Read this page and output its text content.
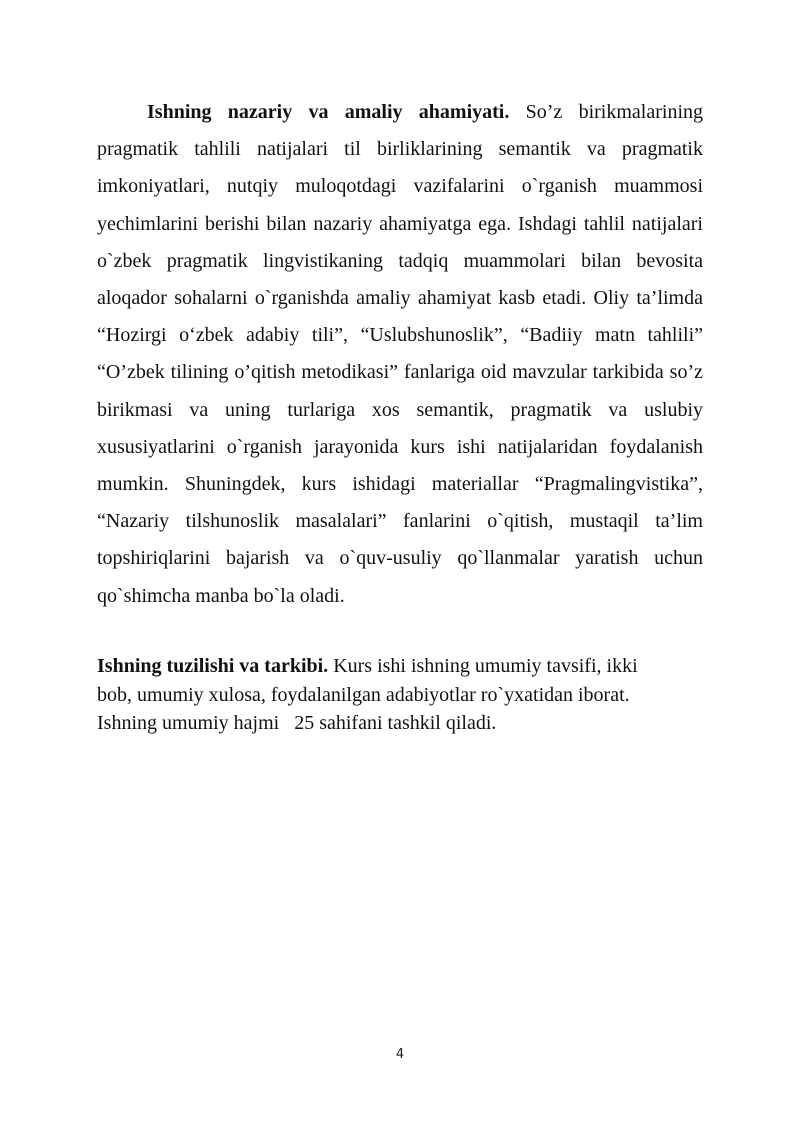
Ishning nazariy va amaliy ahamiyati. So’z birikmalarining pragmatik tahlili natijalari til birliklarining semantik va pragmatik imkoniyatlari, nutqiy muloqotdagi vazifalarini o`rganish muammosi yechimlarini berishi bilan nazariy ahamiyatga ega. Ishdagi tahlil natijalari o`zbek pragmatik lingvistikaning tadqiq muammolari bilan bevosita aloqador sohalarni o`rganishda amaliy ahamiyat kasb etadi. Oliy ta’limda “Hozirgi o‘zbek adabiy tili”, “Uslubshunoslik”, “Badiiy matn tahlili” “O’zbek tilining o’qitish metodikasi” fanlariga oid mavzular tarkibida so’z birikmasi va uning turlariga xos semantik, pragmatik va uslubiy xususiyatlarini o`rganish jarayonida kurs ishi natijalaridan foydalanish mumkin. Shuningdek, kurs ishidagi materiallar “Pragmalingvistika”, “Nazariy tilshunoslik masalalari” fanlarini o`qitish, mustaqil ta’lim topshiriqlarini bajarish va o`quv-usuliy qo`llanmalar yaratish uchun qo`shimcha manba bo`la oladi.

Ishning tuzilishi va tarkibi. Kurs ishi ishning umumiy tavsifi, ikki
bob, umumiy xulosa, foydalanilgan adabiyotlar ro`yxatidan iborat.
Ishning umumiy hajmi   25 sahifani tashkil qiladi.

4
